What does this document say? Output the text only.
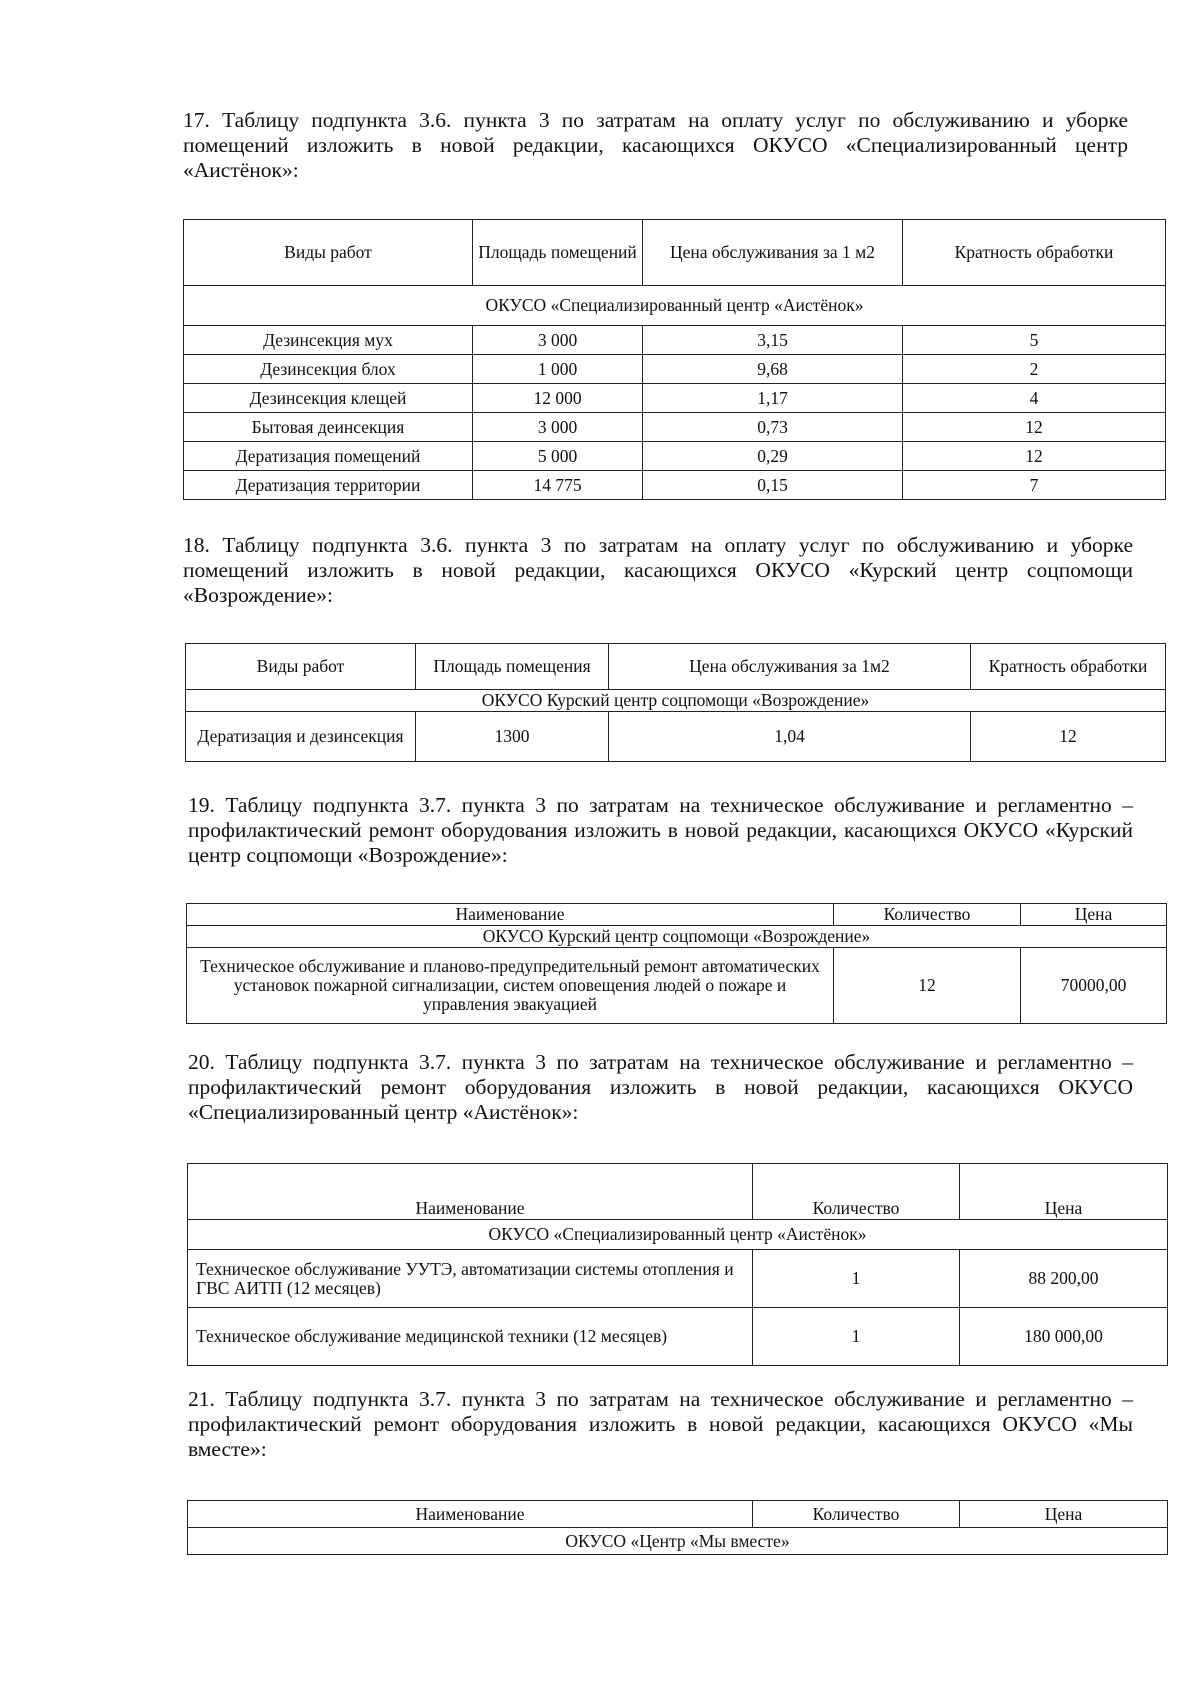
17. Таблицу подпункта 3.6. пункта 3 по затратам на оплату услуг по обслуживанию и уборке помещений изложить в новой редакции, касающихся ОКУСО «Специализированный центр «Аистёнок»:

Виды работ	Площадь помещений	Цена обслуживания за 1 м2	Кратность обработки
ОКУСО «Специализированный центр «Аистёнок»			
Дезинсекция мух	3 000	3,15	5
Дезинсекция блох	1 000	9,68	2
Дезинсекция клещей	12 000	1,17	4
Бытовая деинсекция	3 000	0,73	12
Дератизация помещений	5 000	0,29	12
Дератизация территории	14 775	0,15	7

18. Таблицу подпункта 3.6. пункта 3 по затратам на оплату услуг по обслуживанию и уборке помещений изложить в новой редакции, касающихся ОКУСО «Курский центр соцпомощи «Возрождение»:

Виды работ	Площадь помещения	Цена обслуживания за 1м2	Кратность обработки
ОКУСО Курский центр соцпомощи «Возрождение»			
Дератизация и дезинсекция	1300	1,04	12

19. Таблицу подпункта 3.7. пункта 3 по затратам на техническое обслуживание и регламентно – профилактический ремонт оборудования изложить в новой редакции, касающихся ОКУСО «Курский центр соцпомощи «Возрождение»:

Наименование	Количество	Цена
ОКУСО Курский центр соцпомощи «Возрождение»		
Техническое обслуживание и планово-предупредительный ремонт автоматических установок пожарной сигнализации, систем оповещения людей о пожаре и управления эвакуацией	12	70000,00

20. Таблицу подпункта 3.7. пункта 3 по затратам на техническое обслуживание и регламентно – профилактический ремонт оборудования изложить в новой редакции, касающихся ОКУСО «Специализированный центр «Аистёнок»:

Наименование	Количество	Цена
ОКУСО «Специализированный центр «Аистёнок»		
Техническое обслуживание УУТЭ, автоматизации системы отопления и ГВС АИТП (12 месяцев)	1	88 200,00
Техническое обслуживание медицинской техники (12 месяцев)	1	180 000,00

21. Таблицу подпункта 3.7. пункта 3 по затратам на техническое обслуживание и регламентно – профилактический ремонт оборудования изложить в новой редакции, касающихся ОКУСО «Мы вместе»:

Наименование	Количество	Цена
ОКУСО «Центр «Мы вместе»
